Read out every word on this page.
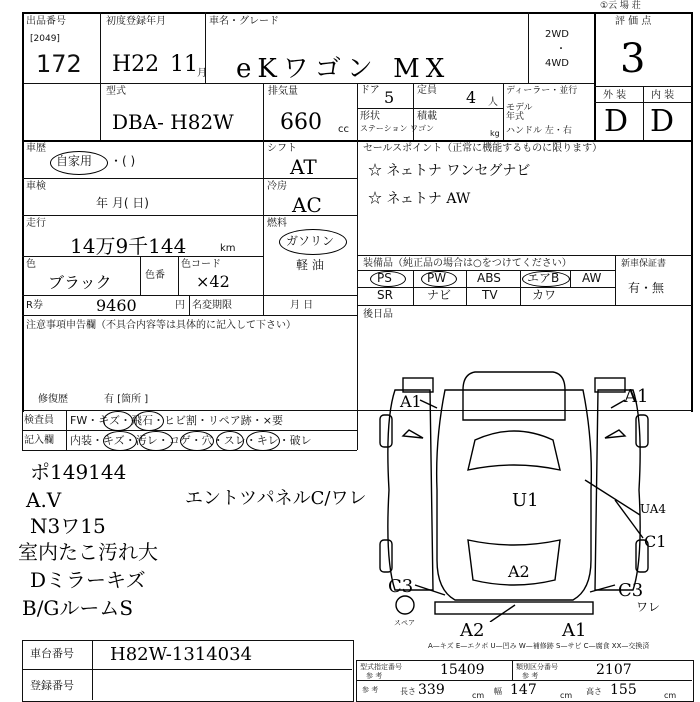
出品番号
[2049]
172
初度登録年月
H22 11 月
車名・グレード
eKワゴン MX
2WD
・
4WD
①云 場 荘
評 価 点
3
型式
DBA- H82W
排気量
660 cc
ドア 5
形状
ステーション ワゴン
定員 4 人
積載
kg
ディーラー・並行
モデル 年式
ハンドル 左・右
外 装 内 装
D D
車歴
自家用 ・( )
車検
年 月( 日)
走行
14万9千144	km
色
ブラック	色番
色コード
×42
R券	9460	円 名変期限	月 日
注意事項申告欄（不具合内容等は具体的に記入して下さい）
修復歴	有 [箇所 ]
シフト
AT
冷房
AC
燃料
ガソリン
軽 油
セールスポイント（正常に機能するものに限ります）
☆ ネェトナ ワンセグナビ
☆ ネェトナ AW
装備品（純正品の場合は○をつけてください）
PS	PW	ABS エアB AW
SR	ナビ	TV	カワ
新車保証書
有・無
後日品
検査員 FW・キズ・飛石・ヒビ割・リペア跡・×要
記入欄 内装・キズ・汚レ・コゲ・穴・スレ・キレ・破レ
ポ149144
A.V
N3ワ15
室内たこ汚れ大
Dミラーキズ
B/GルームS
エントツパネルC/ワレ
A1	A1
U1	UA4
C1
C3
A2
C3
ワレ
A2	A1
スペア
A—キズ E—エクボ U—凹み W—補修跡 S—サビ C—腐食 XX—交換済
車台番号 H82W-1314034
登録番号
型式指定番号
参 考	15409	類別区分番号
参 考	2107
参 考	長さ 339	cm 幅 147	cm 高さ 155	cm
